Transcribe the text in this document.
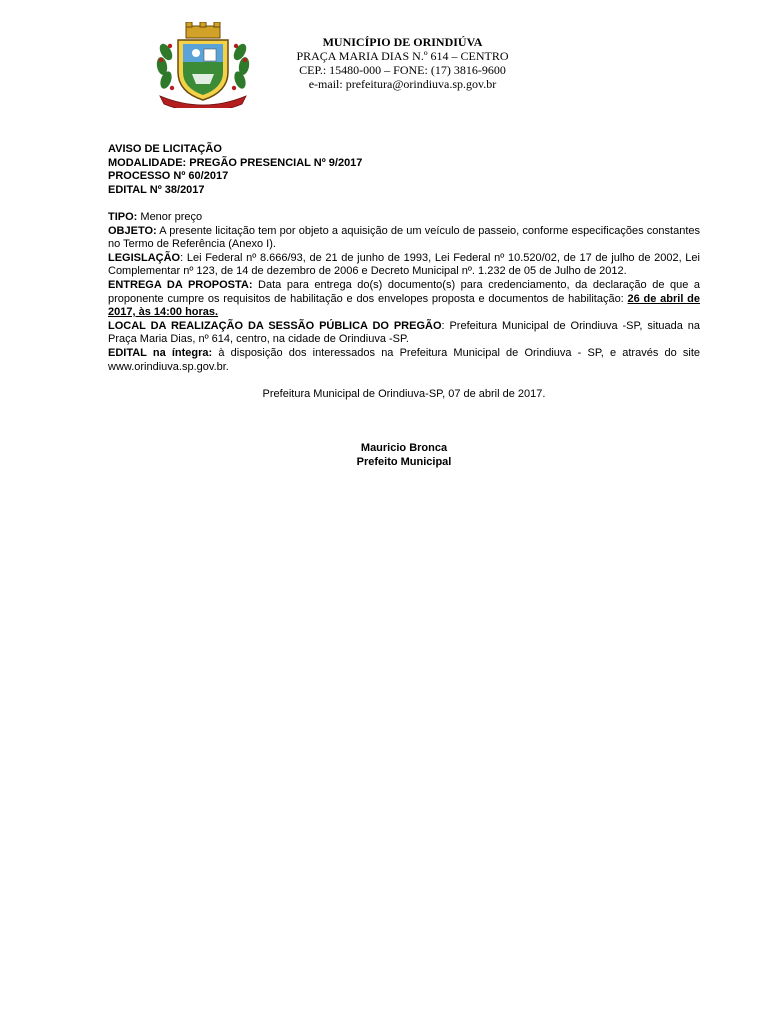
MUNICÍPIO DE ORINDIÚVA
PRAÇA MARIA DIAS N.º 614 – CENTRO
CEP.: 15480-000 – FONE: (17) 3816-9600
e-mail: prefeitura@orindiuva.sp.gov.br
AVISO DE LICITAÇÃO
MODALIDADE: PREGÃO PRESENCIAL Nº 9/2017
PROCESSO Nº 60/2017
EDITAL Nº 38/2017

TIPO: Menor preço

OBJETO: A presente licitação tem por objeto a aquisição de um veículo de passeio, conforme especificações constantes no Termo de Referência (Anexo I).

LEGISLAÇÃO: Lei Federal nº 8.666/93, de 21 de junho de 1993, Lei Federal nº 10.520/02, de 17 de julho de 2002, Lei Complementar nº 123, de 14 de dezembro de 2006 e Decreto Municipal nº. 1.232 de 05 de Julho de 2012.

ENTREGA DA PROPOSTA: Data para entrega do(s) documento(s) para credenciamento, da declaração de que a proponente cumpre os requisitos de habilitação e dos envelopes proposta e documentos de habilitação: 26 de abril de 2017, às 14:00 horas.

LOCAL DA REALIZAÇÃO DA SESSÃO PÚBLICA DO PREGÃO: Prefeitura Municipal de Orindiuva -SP, situada na Praça Maria Dias, nº 614, centro, na cidade de Orindiuva -SP.

EDITAL na íntegra: à disposição dos interessados na Prefeitura Municipal de Orindiuva - SP, e através do site www.orindiuva.sp.gov.br.

Prefeitura Municipal de Orindiuva-SP, 07 de abril de 2017.

Mauricio Bronca
Prefeito Municipal
